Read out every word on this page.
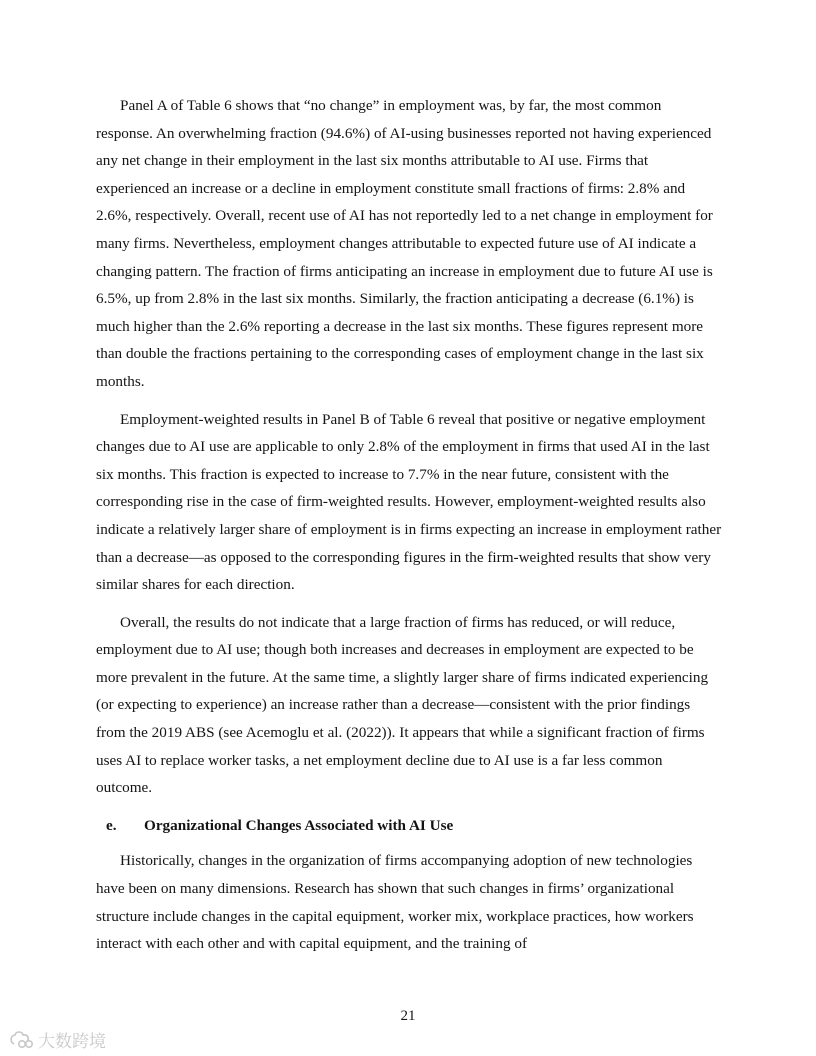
Panel A of Table 6 shows that “no change” in employment was, by far, the most common response. An overwhelming fraction (94.6%) of AI-using businesses reported not having experienced any net change in their employment in the last six months attributable to AI use. Firms that experienced an increase or a decline in employment constitute small fractions of firms: 2.8% and 2.6%, respectively. Overall, recent use of AI has not reportedly led to a net change in employment for many firms. Nevertheless, employment changes attributable to expected future use of AI indicate a changing pattern. The fraction of firms anticipating an increase in employment due to future AI use is 6.5%, up from 2.8% in the last six months. Similarly, the fraction anticipating a decrease (6.1%) is much higher than the 2.6% reporting a decrease in the last six months. These figures represent more than double the fractions pertaining to the corresponding cases of employment change in the last six months.

Employment-weighted results in Panel B of Table 6 reveal that positive or negative employment changes due to AI use are applicable to only 2.8% of the employment in firms that used AI in the last six months. This fraction is expected to increase to 7.7% in the near future, consistent with the corresponding rise in the case of firm-weighted results. However, employment-weighted results also indicate a relatively larger share of employment is in firms expecting an increase in employment rather than a decrease—as opposed to the corresponding figures in the firm-weighted results that show very similar shares for each direction.

Overall, the results do not indicate that a large fraction of firms has reduced, or will reduce, employment due to AI use; though both increases and decreases in employment are expected to be more prevalent in the future. At the same time, a slightly larger share of firms indicated experiencing (or expecting to experience) an increase rather than a decrease—consistent with the prior findings from the 2019 ABS (see Acemoglu et al. (2022)). It appears that while a significant fraction of firms uses AI to replace worker tasks, a net employment decline due to AI use is a far less common outcome.

e. Organizational Changes Associated with AI Use

Historically, changes in the organization of firms accompanying adoption of new technologies have been on many dimensions. Research has shown that such changes in firms’ organizational structure include changes in the capital equipment, worker mix, workplace practices, how workers interact with each other and with capital equipment, and the training of

21
大数跨境
